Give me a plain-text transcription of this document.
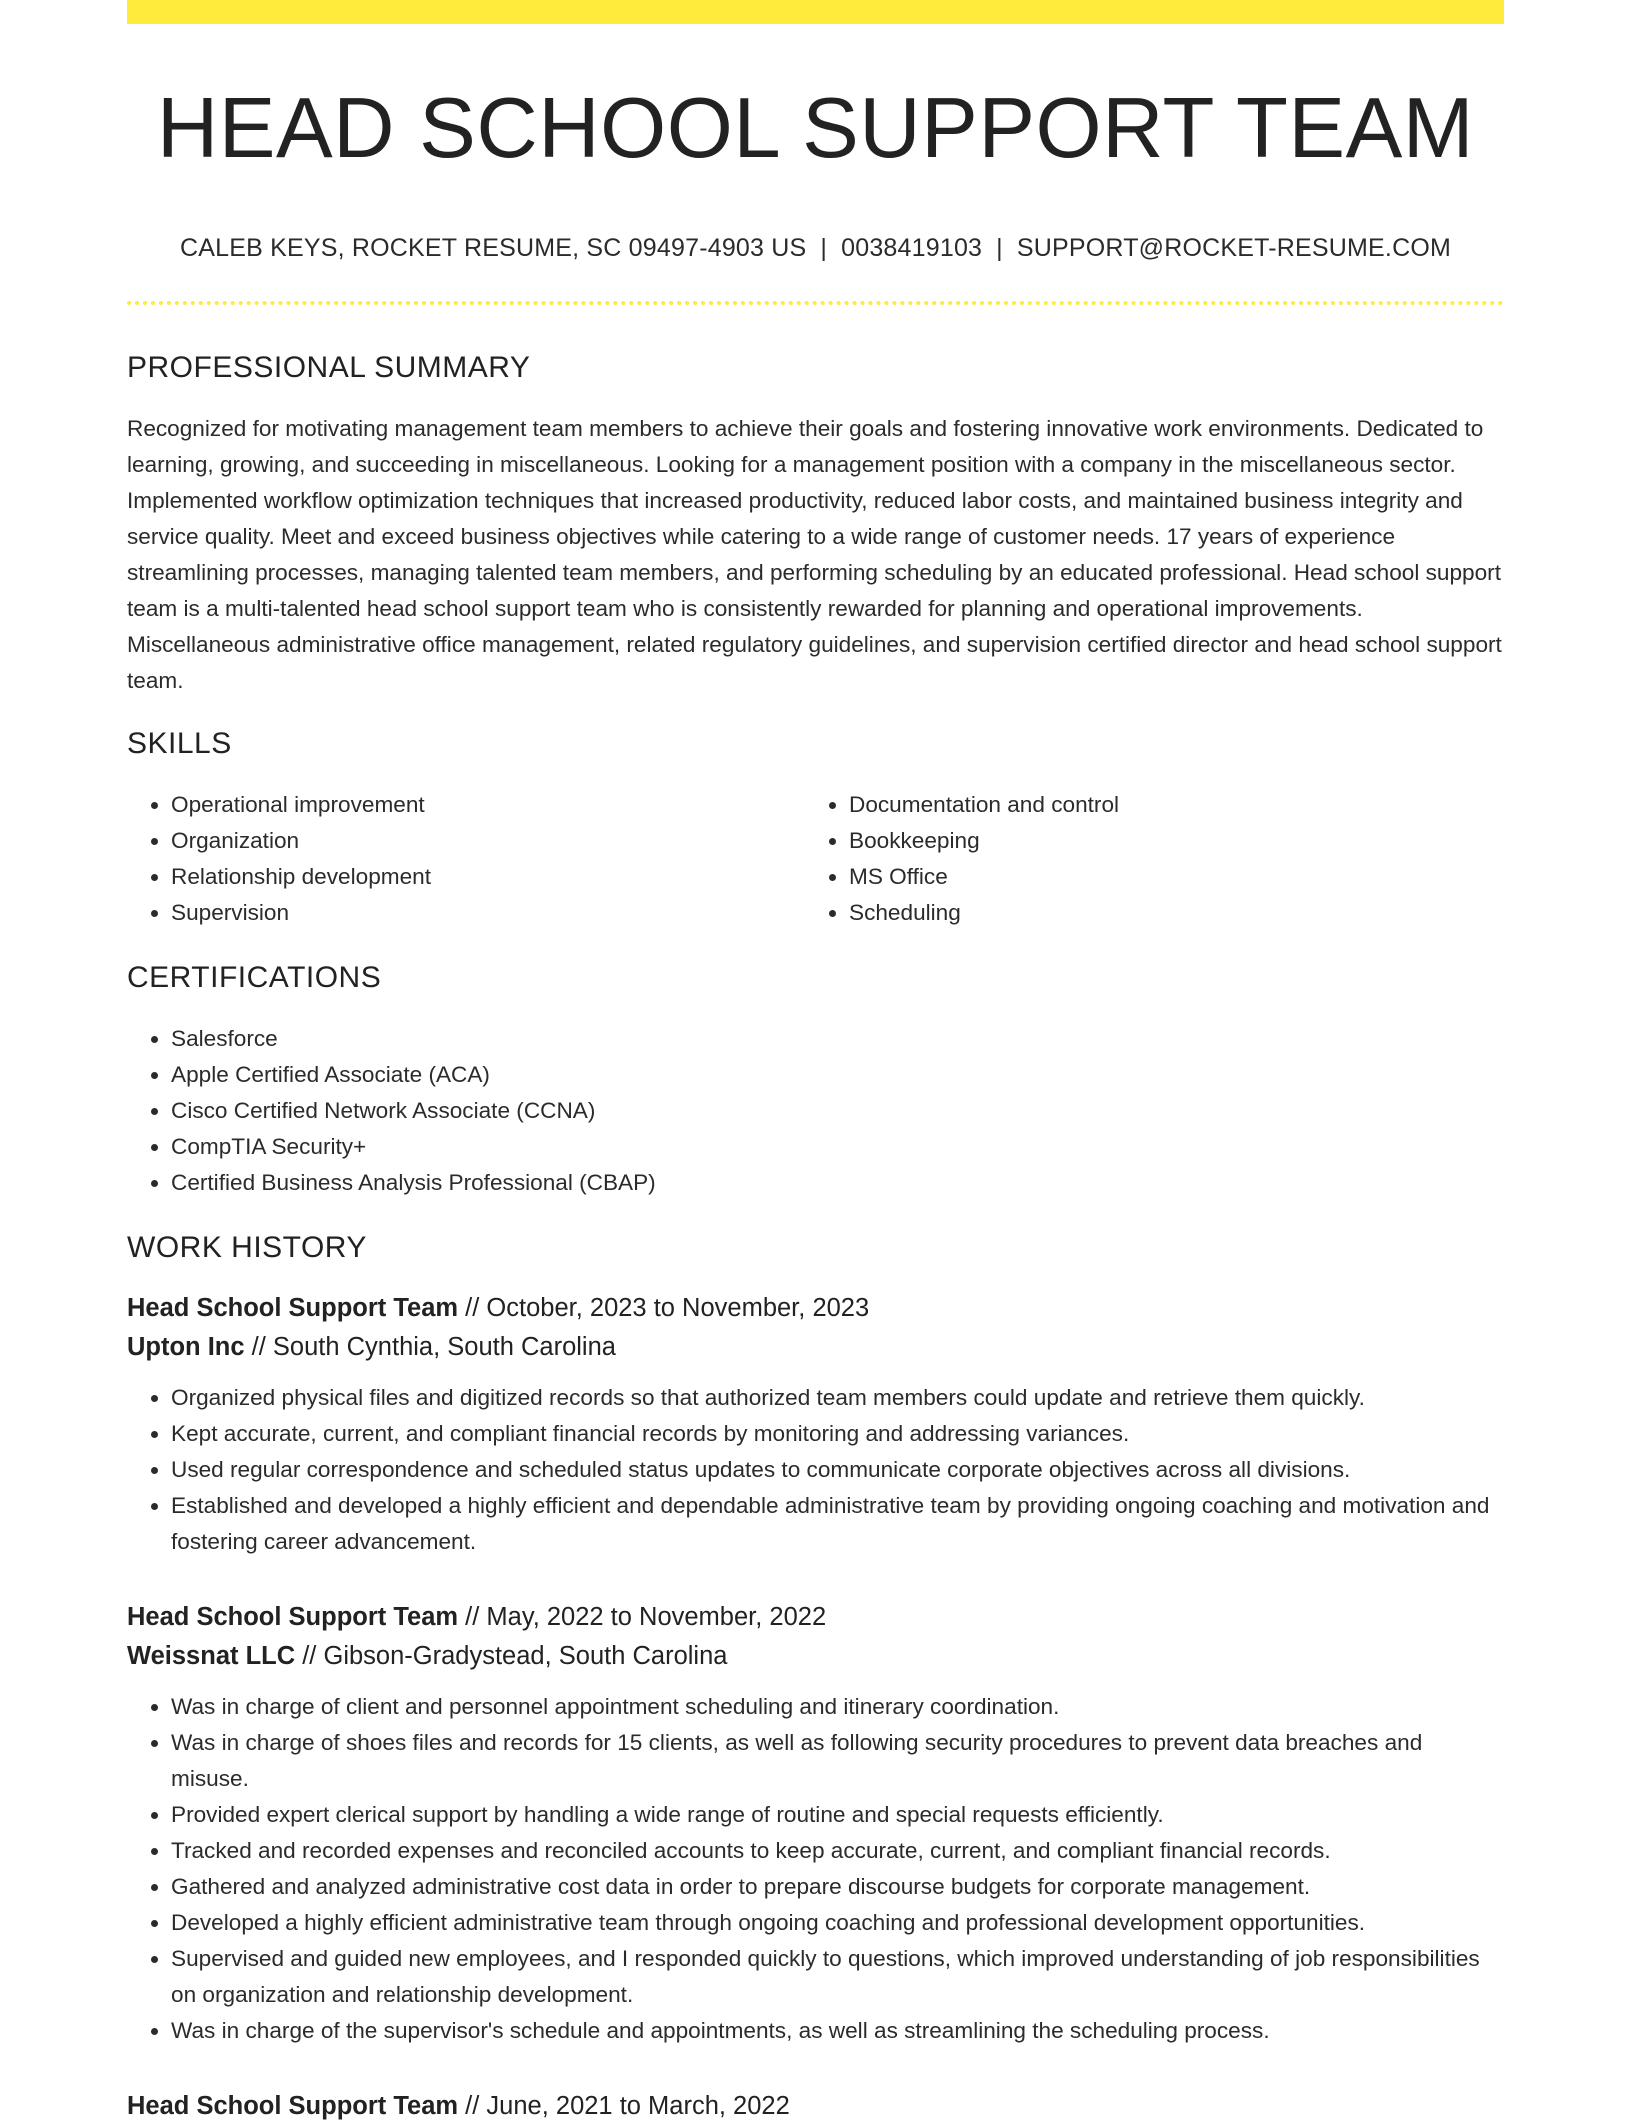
HEAD SCHOOL SUPPORT TEAM
CALEB KEYS, ROCKET RESUME, SC 09497-4903 US | 0038419103 | SUPPORT@ROCKET-RESUME.COM
PROFESSIONAL SUMMARY

Recognized for motivating management team members to achieve their goals and fostering innovative work environments. Dedicated to learning, growing, and succeeding in miscellaneous. Looking for a management position with a company in the miscellaneous sector. Implemented workflow optimization techniques that increased productivity, reduced labor costs, and maintained business integrity and service quality. Meet and exceed business objectives while catering to a wide range of customer needs. 17 years of experience streamlining processes, managing talented team members, and performing scheduling by an educated professional. Head school support team is a multi-talented head school support team who is consistently rewarded for planning and operational improvements. Miscellaneous administrative office management, related regulatory guidelines, and supervision certified director and head school support team.

SKILLS
• Operational improvement
• Organization
• Relationship development
• Supervision
• Documentation and control
• Bookkeeping
• MS Office
• Scheduling
CERTIFICATIONS
• Salesforce
• Apple Certified Associate (ACA)
• Cisco Certified Network Associate (CCNA)
• CompTIA Security+
• Certified Business Analysis Professional (CBAP)
WORK HISTORY
Head School Support Team // October, 2023 to November, 2023
Upton Inc // South Cynthia, South Carolina
• Organized physical files and digitized records so that authorized team members could update and retrieve them quickly.
• Kept accurate, current, and compliant financial records by monitoring and addressing variances.
• Used regular correspondence and scheduled status updates to communicate corporate objectives across all divisions.
• Established and developed a highly efficient and dependable administrative team by providing ongoing coaching and motivation and fostering career advancement.
Head School Support Team // May, 2022 to November, 2022
Weissnat LLC // Gibson-Gradystead, South Carolina
• Was in charge of client and personnel appointment scheduling and itinerary coordination.
• Was in charge of shoes files and records for 15 clients, as well as following security procedures to prevent data breaches and misuse.
• Provided expert clerical support by handling a wide range of routine and special requests efficiently.
• Tracked and recorded expenses and reconciled accounts to keep accurate, current, and compliant financial records.
• Gathered and analyzed administrative cost data in order to prepare discourse budgets for corporate management.
• Developed a highly efficient administrative team through ongoing coaching and professional development opportunities.
• Supervised and guided new employees, and I responded quickly to questions, which improved understanding of job responsibilities on organization and relationship development.
• Was in charge of the supervisor's schedule and appointments, as well as streamlining the scheduling process.
Head School Support Team // June, 2021 to March, 2022
